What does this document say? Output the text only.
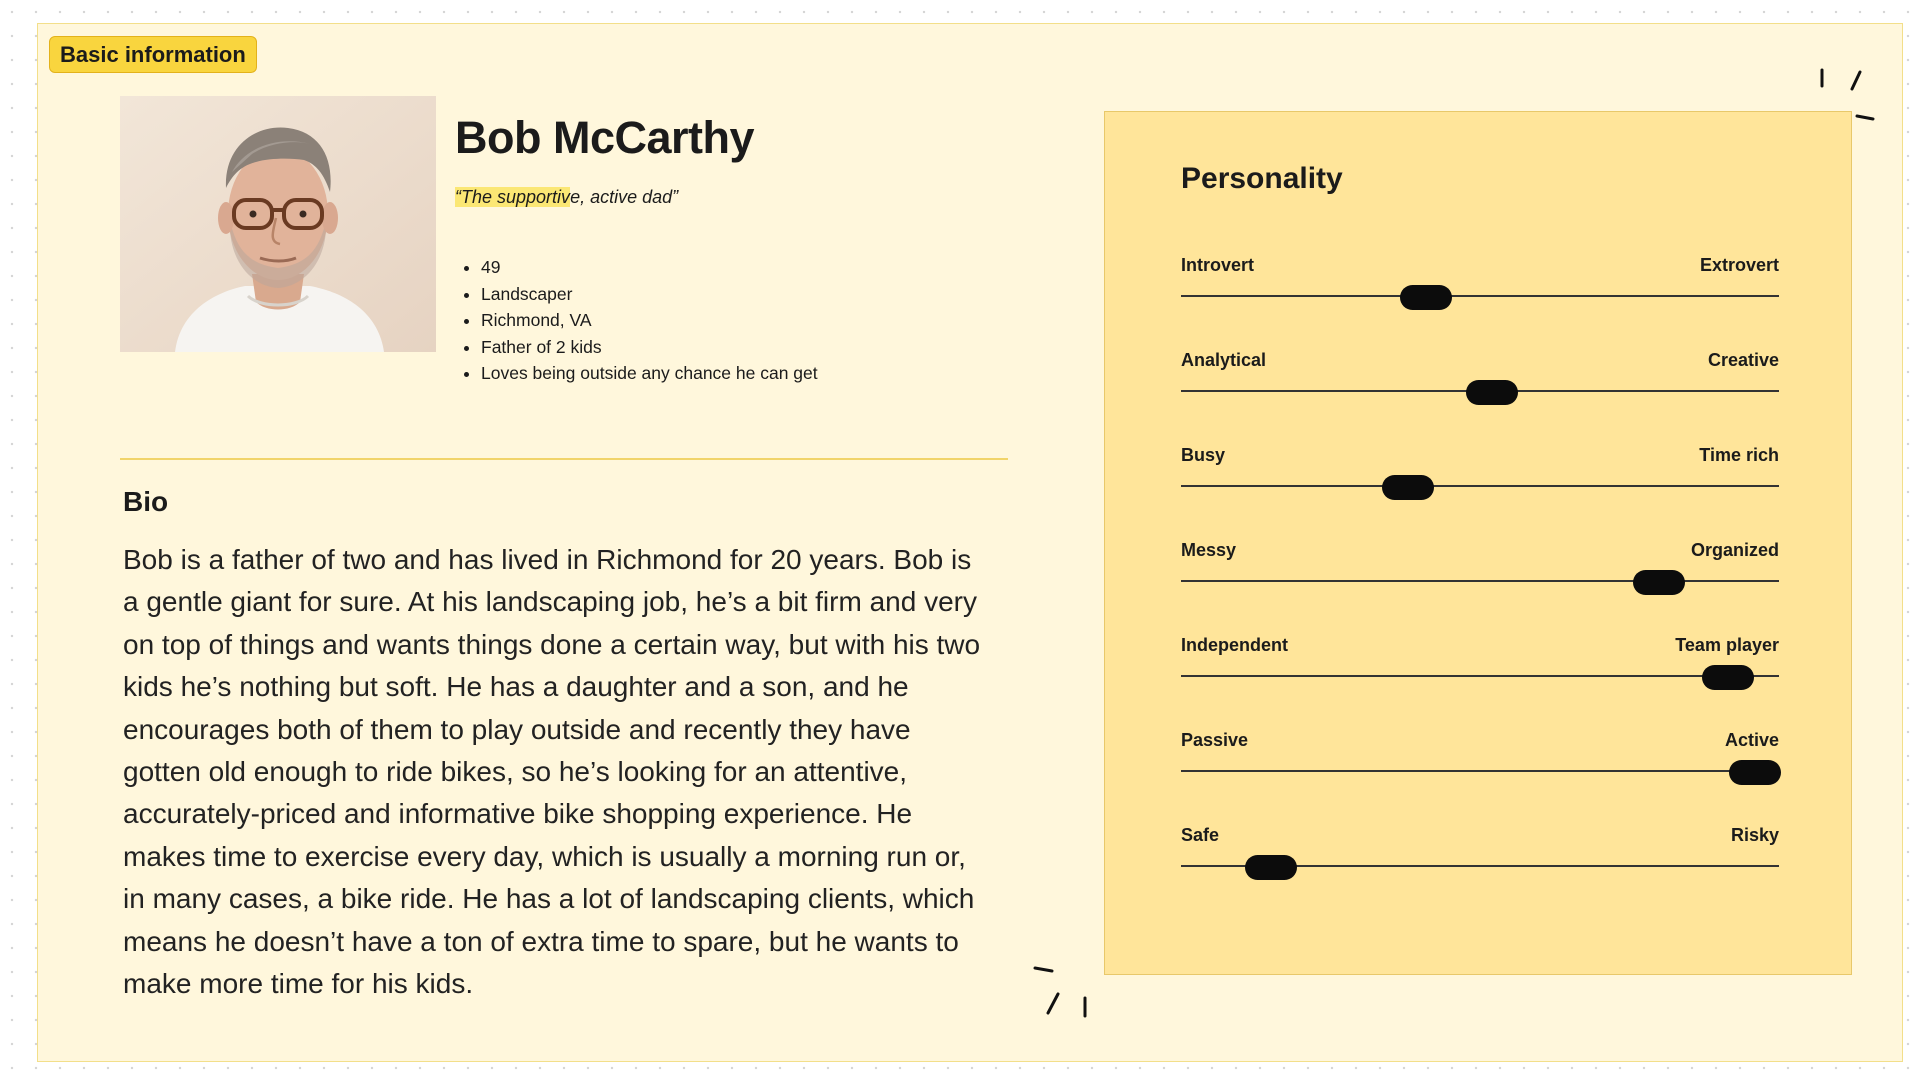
Basic information
Bob McCarthy
“The supportive, active dad”
• 49
• Landscaper
• Richmond, VA
• Father of 2 kids
• Loves being outside any chance he can get
Bio

Bob is a father of two and has lived in Richmond for 20 years. Bob is a gentle giant for sure. At his landscaping job, he’s a bit firm and very on top of things and wants things done a certain way, but with his two kids he’s nothing but soft. He has a daughter and a son, and he encourages both of them to play outside and recently they have gotten old enough to ride bikes, so he’s looking for an attentive, accurately-priced and informative bike shopping experience. He makes time to exercise every day, which is usually a morning run or, in many cases, a bike ride. He has a lot of landscaping clients, which means he doesn’t have a ton of extra time to spare, but he wants to make more time for his kids.

Personality
Introvert	Extrovert
Analytical	Creative
Busy	Time rich
Messy	Organized
Independent	Team player
Passive	Active
Safe	Risky
